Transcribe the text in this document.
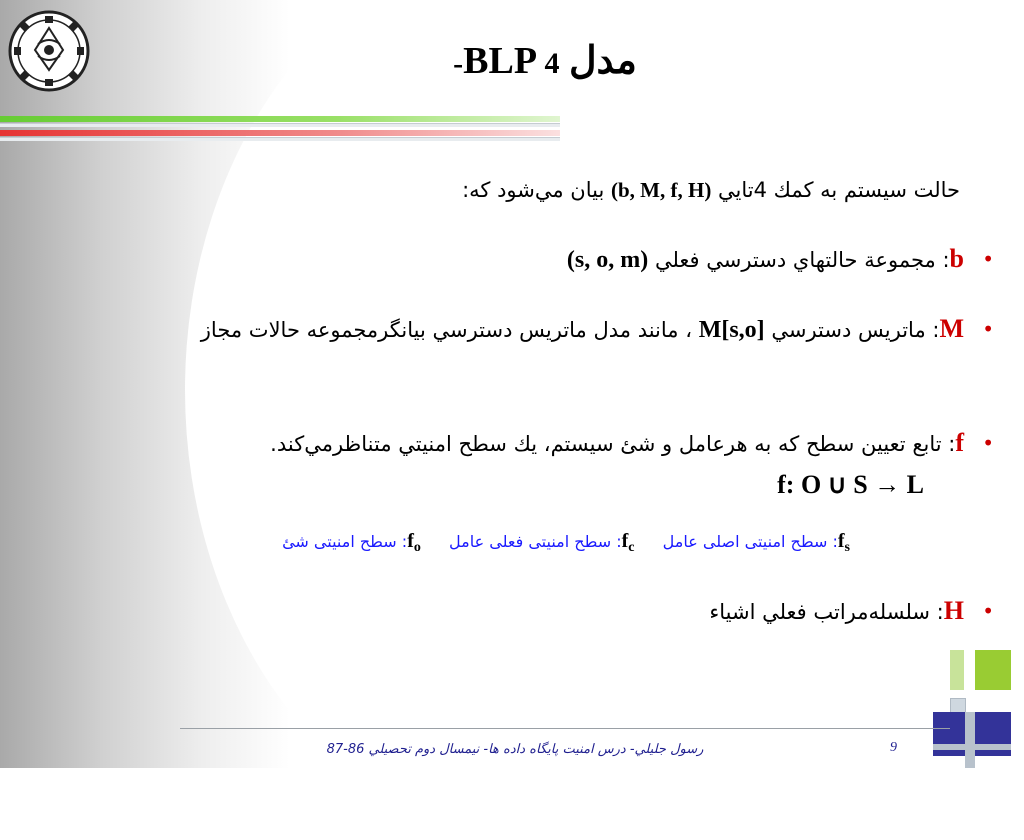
مدل BLP 4-
حالت سيستم به كمك 4تايي (b, M, f, H) بيان مي‌شود كه:
•
b: مجموعة حالتهاي دسترسي فعلي (s, o, m)
•
M: ماتريس دسترسي M[s,o] ، مانند مدل ماتريس دسترسي بيانگرمجموعه حالات مجاز
•
f: تابع تعيين سطح كه به هرعامل و شئ سيستم، يك سطح امنيتي متناظرمي‌كند.
f: O ∪ S → L
$f_s$: سطح امنیتی اصلی عامل  $f_c$: سطح امنیتی فعلی عامل  $f_o$: سطح امنیتی شئ
•
H: سلسله‌مراتب فعلي اشياء
رسول جليلي- درس امنيت پايگاه داده ها- نيمسال دوم تحصيلي 86-87	9
